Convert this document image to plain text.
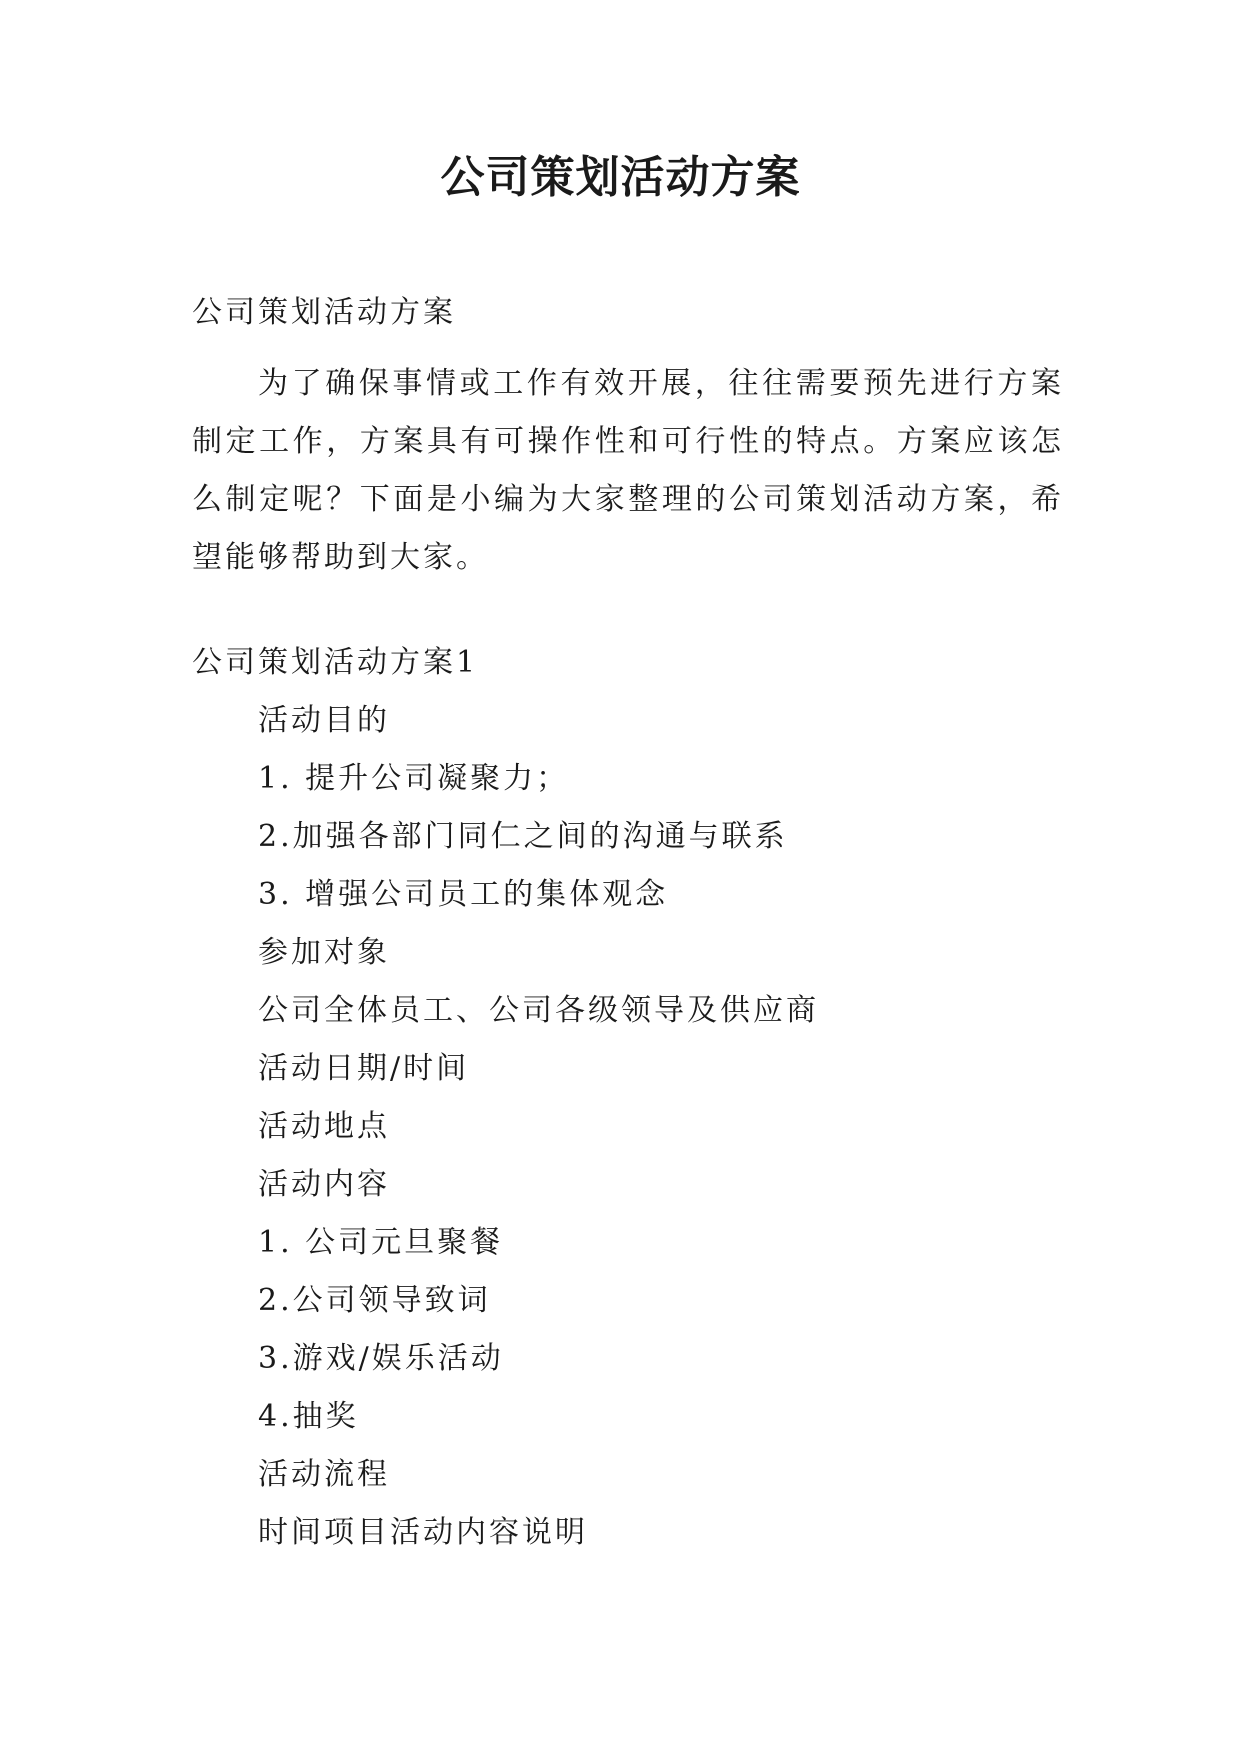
公司策划活动方案
公司策划活动方案
为了确保事情或工作有效开展，往往需要预先进行方案制定工作，方案具有可操作性和可行性的特点。方案应该怎么制定呢？下面是小编为大家整理的公司策划活动方案，希望能够帮助到大家。
公司策划活动方案1
活动目的
1. 提升公司凝聚力；
2.加强各部门同仁之间的沟通与联系
3. 增强公司员工的集体观念
参加对象
公司全体员工、公司各级领导及供应商
活动日期/时间
活动地点
活动内容
1. 公司元旦聚餐
2.公司领导致词
3.游戏/娱乐活动
4.抽奖
活动流程
时间项目活动内容说明
